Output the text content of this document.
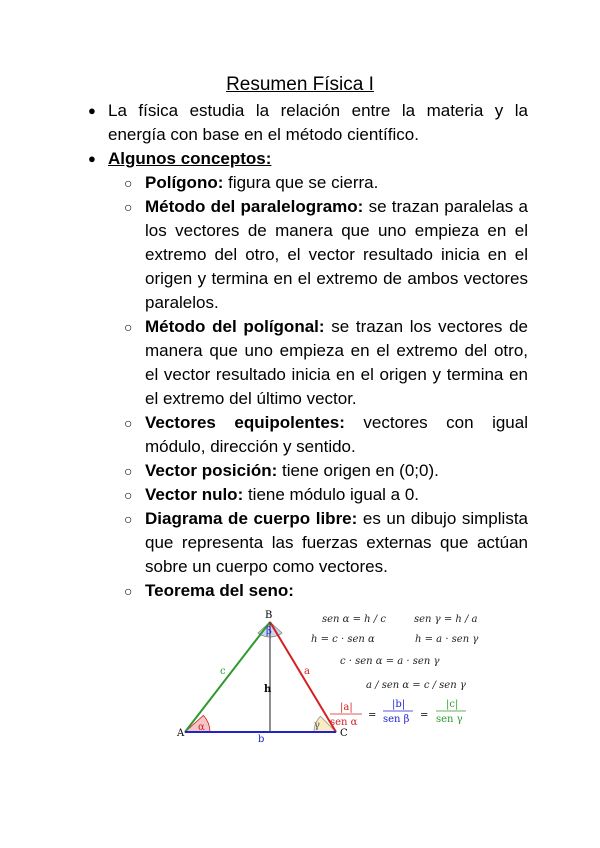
Resumen Física I
● La física estudia la relación entre la materia y la energía con base en el método científico.
● Algunos conceptos:
○ Polígono: figura que se cierra.
○ Método del paralelogramo: se trazan paralelas a los vectores de manera que uno empieza en el extremo del otro, el vector resultado inicia en el origen y termina en el extremo de ambos vectores paralelos.
○ Método del polígonal: se trazan los vectores de manera que uno empieza en el extremo del otro, el vector resultado inicia en el origen y termina en el extremo del último vector.
○ Vectores equipolentes: vectores con igual módulo, dirección y sentido.
○ Vector posición: tiene origen en (0;0).
○ Vector nulo: tiene módulo igual a 0.
○ Diagrama de cuerpo libre: es un dibujo simplista que representa las fuerzas externas que actúan sobre un cuerpo como vectores.
○ Teorema del seno:
A
B
C
c	a
b
h
α
β
γ
sen α = h / c	sen γ = h / a
h = c · sen α	h = a · sen γ
c · sen α = a · sen γ
a / sen α = c / sen γ
|a|
sen α
=
|b|
sen β =
|c|
sen γ
